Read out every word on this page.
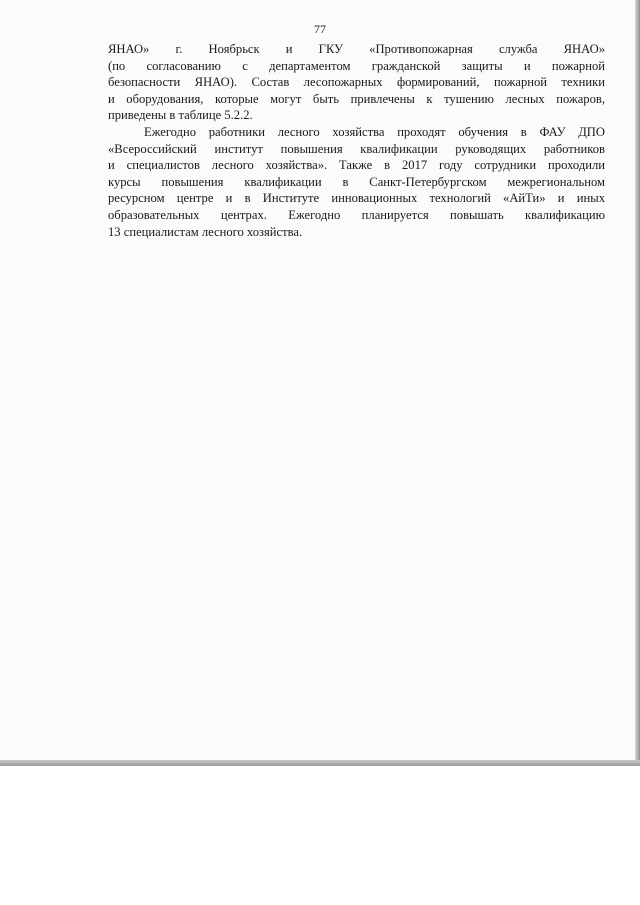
77
ЯНАО» г. Ноябрьск и ГКУ «Противопожарная служба ЯНАО»
(по согласованию с департаментом гражданской защиты и пожарной
безопасности ЯНАО). Состав лесопожарных формирований, пожарной техники
и оборудования, которые могут быть привлечены к тушению лесных пожаров,
приведены в таблице 5.2.2.
Ежегодно работники лесного хозяйства проходят обучения в ФАУ ДПО
«Всероссийский институт повышения квалификации руководящих работников
и специалистов лесного хозяйства». Также в 2017 году сотрудники проходили
курсы повышения квалификации в Санкт-Петербургском межрегиональном
ресурсном центре и в Институте инновационных технологий «АйТи» и иных
образовательных центрах. Ежегодно планируется повышать квалификацию
13 специалистам лесного хозяйства.
